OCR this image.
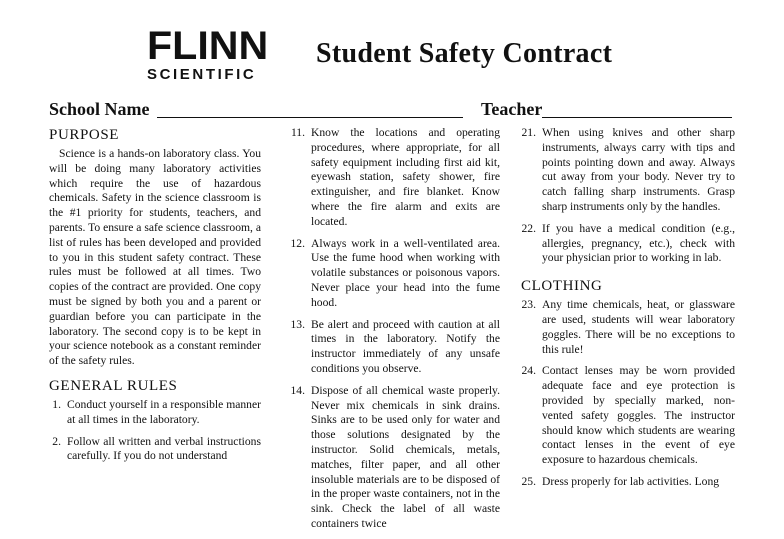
FLINN
SCIENTIFIC
Student Safety Contract
School Name	Teacher
PURPOSE

Science is a hands-on laboratory class. You will be doing many laboratory activities which require the use of hazardous chemicals. Safety in the science classroom is the #1 priority for students, teachers, and parents. To ensure a safe science classroom, a list of rules has been developed and provided to you in this student safety contract. These rules must be followed at all times. Two copies of the contract are provided. One copy must be signed by both you and a parent or guardian before you can participate in the laboratory. The second copy is to be kept in your science notebook as a constant reminder of the safety rules.

GENERAL RULES
1. Conduct yourself in a responsible manner at all times in the laboratory.
2. Follow all written and verbal instructions carefully. If you do not understand
11. Know the locations and operating procedures, where appropriate, for all safety equipment including first aid kit, eyewash station, safety shower, fire extinguisher, and fire blanket. Know where the fire alarm and exits are located.
12. Always work in a well-ventilated area. Use the fume hood when working with volatile substances or poisonous vapors. Never place your head into the fume hood.
13. Be alert and proceed with caution at all times in the laboratory. Notify the instructor immediately of any unsafe conditions you observe.
14. Dispose of all chemical waste properly. Never mix chemicals in sink drains. Sinks are to be used only for water and those solutions designated by the instructor. Solid chemicals, metals, matches, filter paper, and all other insoluble materials are to be disposed of in the proper waste containers, not in the sink. Check the label of all waste containers twice
21. When using knives and other sharp instruments, always carry with tips and points pointing down and away. Always cut away from your body. Never try to catch falling sharp instruments. Grasp sharp instruments only by the handles.
22. If you have a medical condition (e.g., allergies, pregnancy, etc.), check with your physician prior to working in lab.
CLOTHING
23. Any time chemicals, heat, or glassware are used, students will wear laboratory goggles. There will be no exceptions to this rule!
24. Contact lenses may be worn provided adequate face and eye protection is provided by specially marked, non-vented safety goggles. The instructor should know which students are wearing contact lenses in the event of eye exposure to hazardous chemicals.
25. Dress properly for lab activities. Long
